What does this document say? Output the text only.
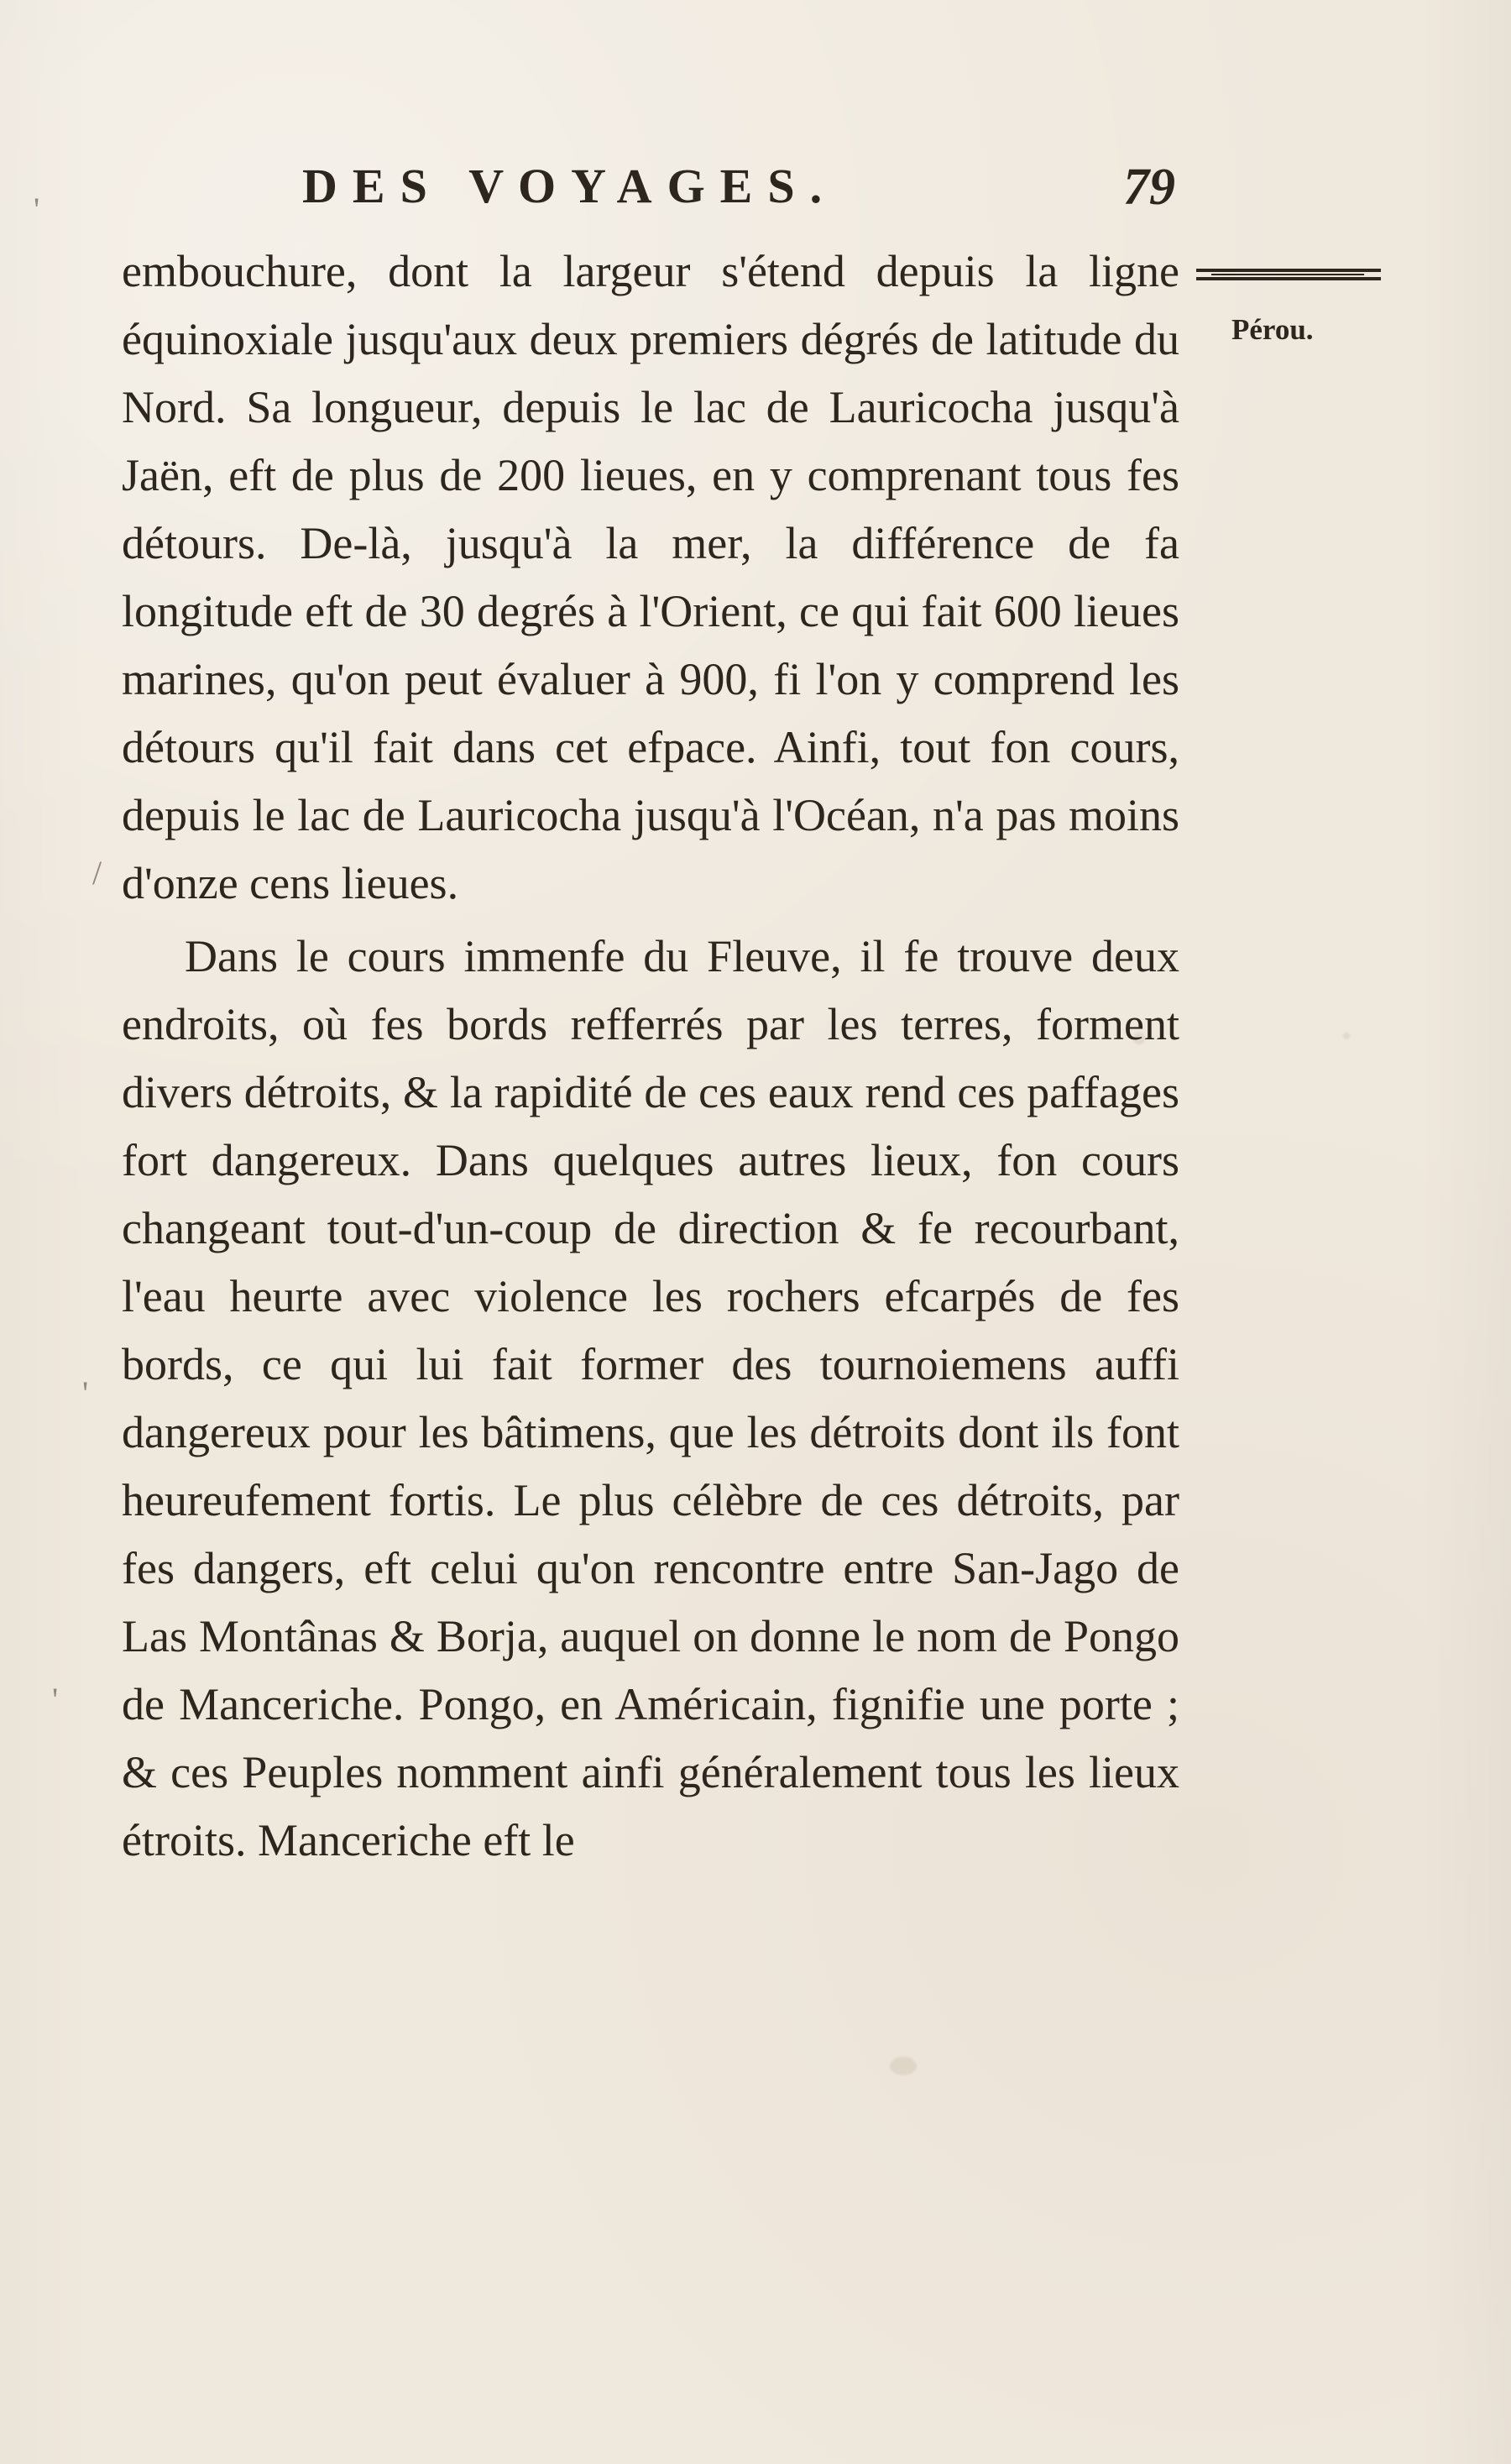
'
/
'
'
DES VOYAGES.	79
Pérou.

embouchure, dont la largeur s'étend depuis la ligne équinoxiale jusqu'aux deux premiers dégrés de latitude du Nord. Sa longueur, depuis le lac de Lauricocha jusqu'à Jaën, eft de plus de 200 lieues, en y comprenant tous fes détours. De-là, jusqu'à la mer, la différence de fa longitude eft de 30 degrés à l'Orient, ce qui fait 600 lieues marines, qu'on peut évaluer à 900, fi l'on y comprend les détours qu'il fait dans cet efpace. Ainfi, tout fon cours, depuis le lac de Lauricocha jusqu'à l'Océan, n'a pas moins d'onze cens lieues.

Dans le cours immenfe du Fleuve, il fe trouve deux endroits, où fes bords refferrés par les terres, forment divers détroits, & la rapidité de ces eaux rend ces paffages fort dangereux. Dans quelques autres lieux, fon cours changeant tout-d'un-coup de direction & fe recourbant, l'eau heurte avec violence les rochers efcarpés de fes bords, ce qui lui fait former des tournoiemens auffi dangereux pour les bâtimens, que les détroits dont ils font heureufement fortis. Le plus célèbre de ces détroits, par fes dangers, eft celui qu'on rencontre entre San-Jago de Las Montânas & Borja, auquel on donne le nom de Pongo de Manceriche. Pongo, en Américain, fignifie une porte ; & ces Peuples nomment ainfi généralement tous les lieux étroits. Manceriche eft le
